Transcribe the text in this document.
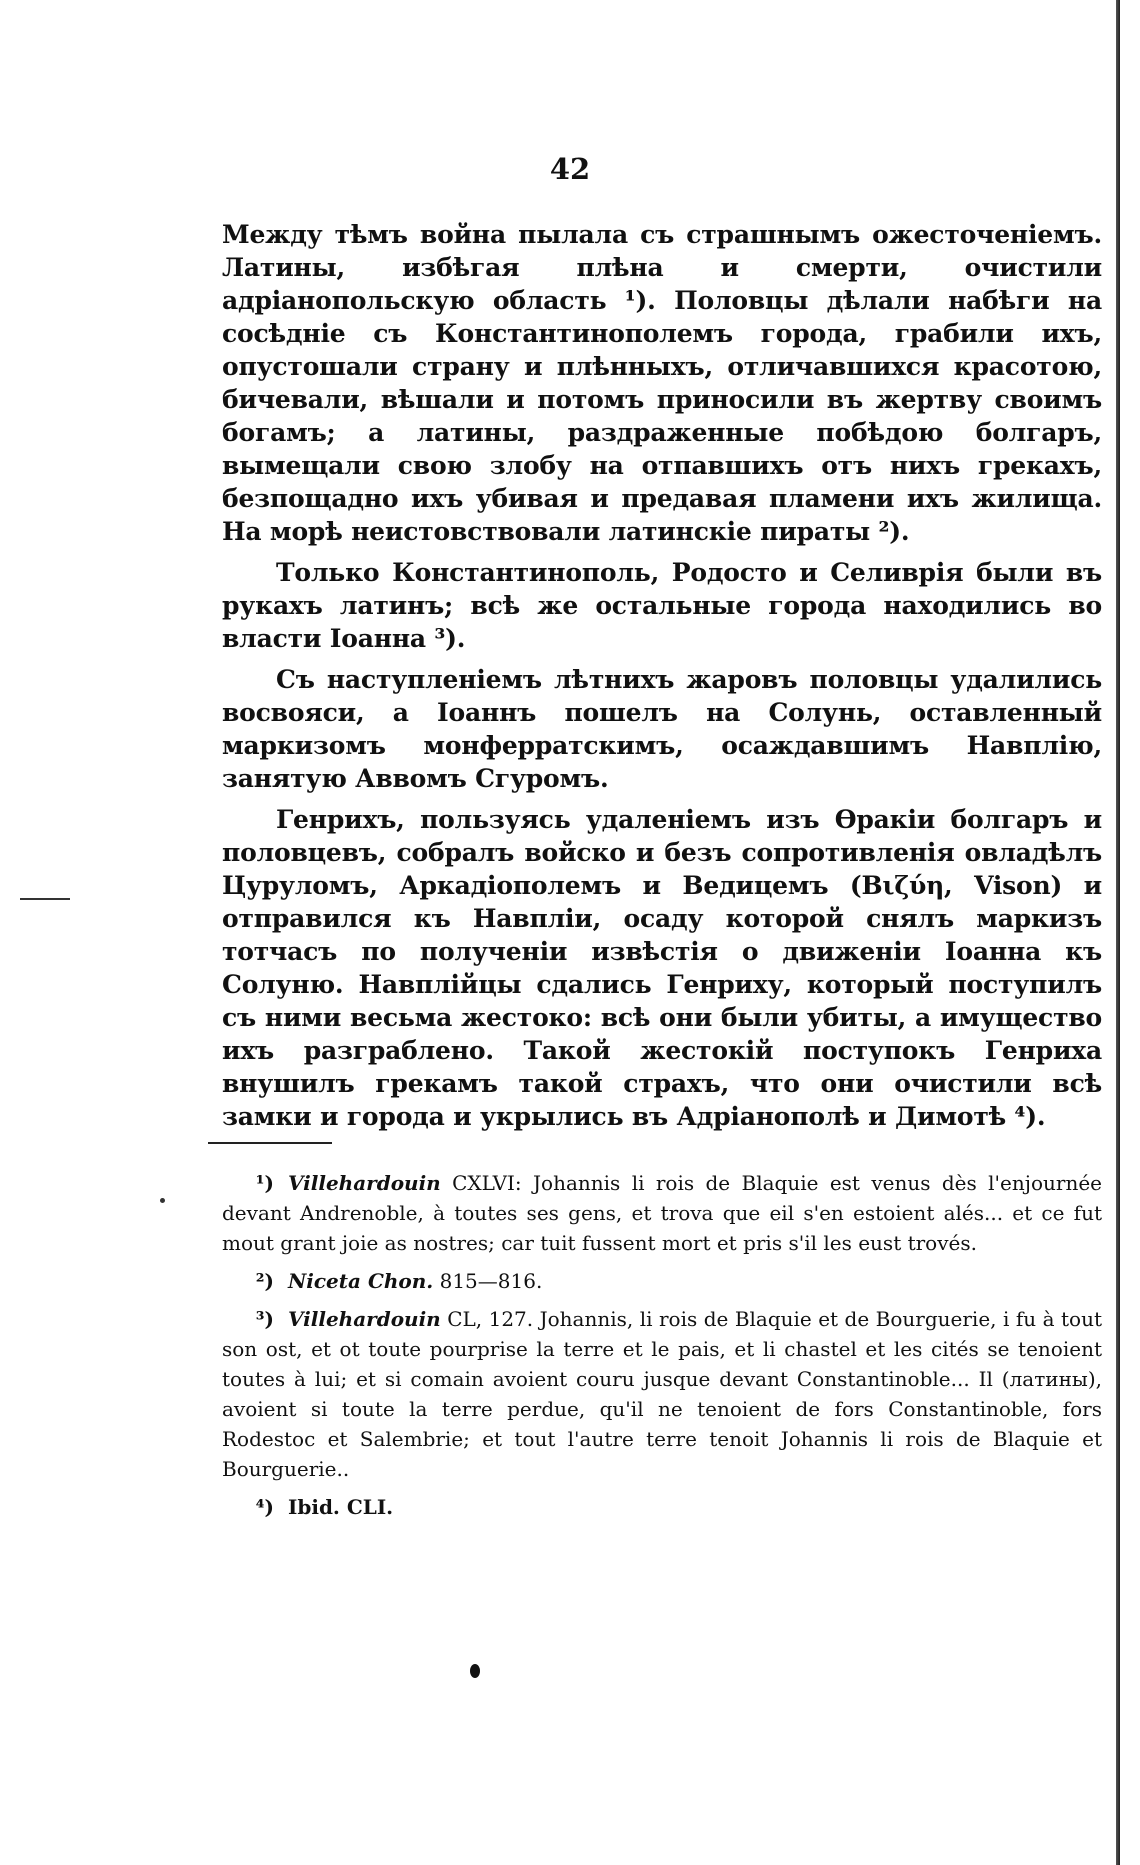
42

Между тѣмъ война пылала съ страшнымъ ожесточеніемъ. Латины, избѣгая плѣна и смерти, очистили адріанопольскую область ¹). Половцы дѣлали набѣги на сосѣдніе съ Константинополемъ города, грабили ихъ, опустошали страну и плѣнныхъ, отличавшихся красотою, бичевали, вѣшали и потомъ приносили въ жертву своимъ богамъ; а латины, раздраженные побѣдою болгаръ, вымещали свою злобу на отпавшихъ отъ нихъ грекахъ, безпощадно ихъ убивая и предавая пламени ихъ жилища. На морѣ неистовствовали латинскіе пираты ²).

Только Константинополь, Родосто и Селиврія были въ рукахъ латинъ; всѣ же остальные города находились во власти Іоанна ³).

Съ наступленіемъ лѣтнихъ жаровъ половцы удалились восвояси, а Іоаннъ пошелъ на Солунь, оставленный маркизомъ монферратскимъ, осаждавшимъ Навплію, занятую Аввомъ Сгуромъ.

Генрихъ, пользуясь удаленіемъ изъ Ѳракіи болгаръ и половцевъ, собралъ войско и безъ сопротивленія овладѣлъ Цуруломъ, Аркадіополемъ и Ведицемъ (Βιζύη, Vison) и отправился къ Навпліи, осаду которой снялъ маркизъ тотчасъ по полученіи извѣстія о движеніи Іоанна къ Солуню. Навплійцы сдались Генриху, который поступилъ съ ними весьма жестоко: всѣ они были убиты, а имущество ихъ разграблено. Такой жестокій поступокъ Генриха внушилъ грекамъ такой страхъ, что они очистили всѣ замки и города и укрылись въ Адріанополѣ и Димотѣ ⁴).

¹) Villehardouin CXLVI: Johannis li rois de Blaquie est venus dès l'enjournée devant Andrenoble, à toutes ses gens, et trova que eil s'en estoient alés... et ce fut mout grant joie as nostres; car tuit fussent mort et pris s'il les eust trovés.

²) Niceta Chon. 815—816.

³) Villehardouin CL, 127. Johannis, li rois de Blaquie et de Bourguerie, i fu à tout son ost, et ot toute pourprise la terre et le pais, et li chastel et les cités se tenoient toutes à lui; et si comain avoient couru jusque devant Constantinoble... Il (латины), avoient si toute la terre perdue, qu'il ne tenoient de fors Constantinoble, fors Rodestoc et Salembrie; et tout l'autre terre tenoit Johannis li rois de Blaquie et Bourguerie..

⁴) Ibid. CLI.
